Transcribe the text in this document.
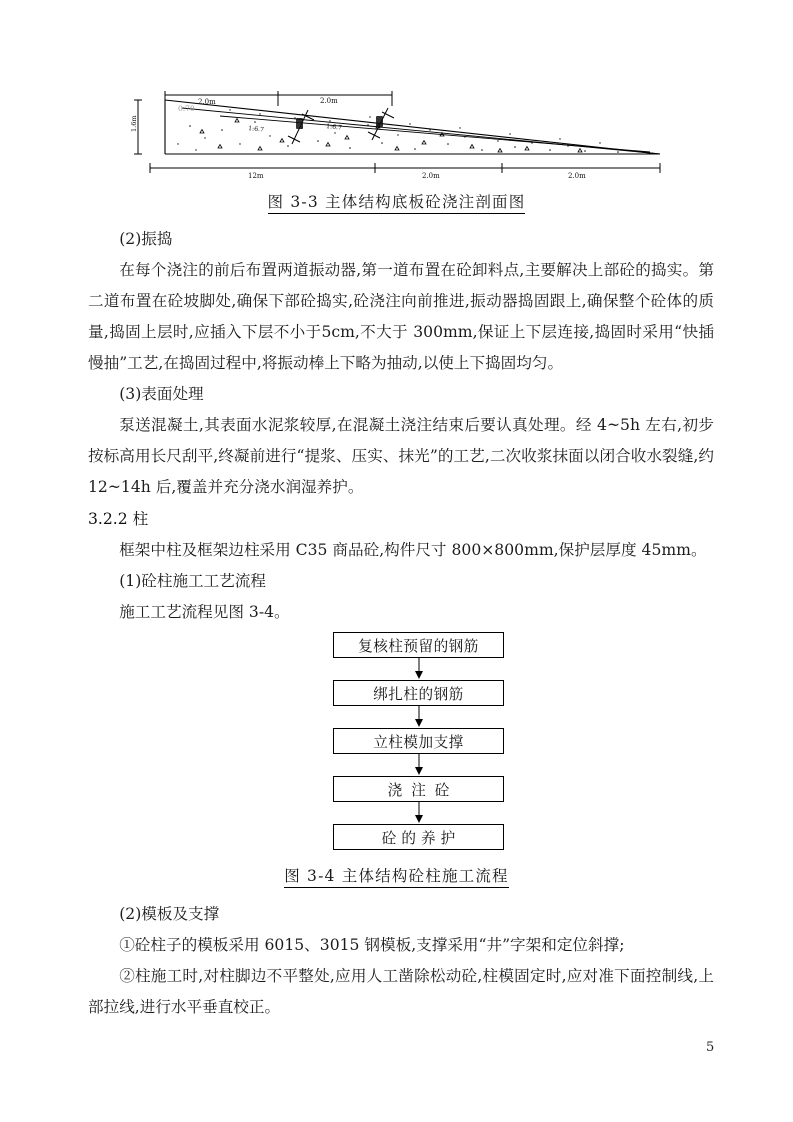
0.70
2.0m	2.0m
1:6.7	1:6.7
1.6m
12m	2.0m	2.0m
图 3-3 主体结构底板砼浇注剖面图
(2)振捣
在每个浇注的前后布置两道振动器,第一道布置在砼卸料点,主要解决上部砼的捣实。第二道布置在砼坡脚处,确保下部砼捣实,砼浇注向前推进,振动器捣固跟上,确保整个砼体的质量,捣固上层时,应插入下层不小于5cm,不大于 300mm,保证上下层连接,捣固时采用“快插慢抽”工艺,在捣固过程中,将振动棒上下略为抽动,以使上下捣固均匀。
(3)表面处理
泵送混凝土,其表面水泥浆较厚,在混凝土浇注结束后要认真处理。经 4~5h 左右,初步按标高用长尺刮平,终凝前进行“提浆、压实、抹光”的工艺,二次收浆抹面以闭合收水裂缝,约 12~14h 后,覆盖并充分浇水润湿养护。
3.2.2 柱
框架中柱及框架边柱采用 C35 商品砼,构件尺寸 800×800mm,保护层厚度 45mm。
(1)砼柱施工工艺流程
施工工艺流程见图 3-4。
复核柱预留的钢筋
绑扎柱的钢筋
立柱模加支撑
浇注砼
砼的养护
图 3-4 主体结构砼柱施工流程
(2)模板及支撑
①砼柱子的模板采用 6015、3015 钢模板,支撑采用“井”字架和定位斜撑;
②柱施工时,对柱脚边不平整处,应用人工凿除松动砼,柱模固定时,应对准下面控制线,上部拉线,进行水平垂直校正。
5
